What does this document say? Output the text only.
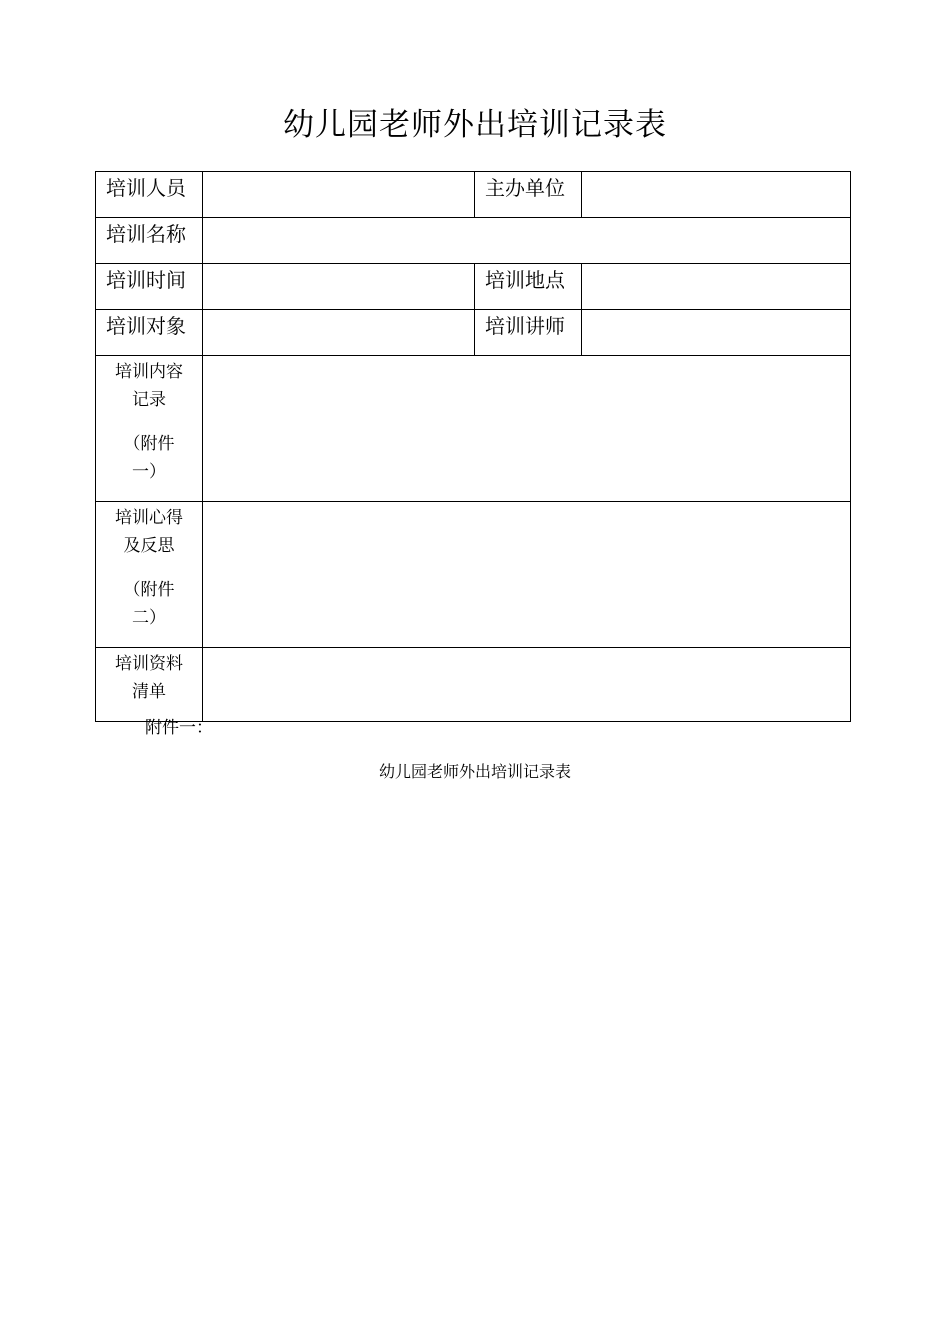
幼儿园老师外出培训记录表
培训人员		主办单位	
培训名称			
培训时间		培训地点	
培训对象		培训讲师	

培训内容
记录
（附件
一）			

培训心得
及反思
（附件
二）			

培训资料
清单			

附件一：
幼儿园老师外出培训记录表
